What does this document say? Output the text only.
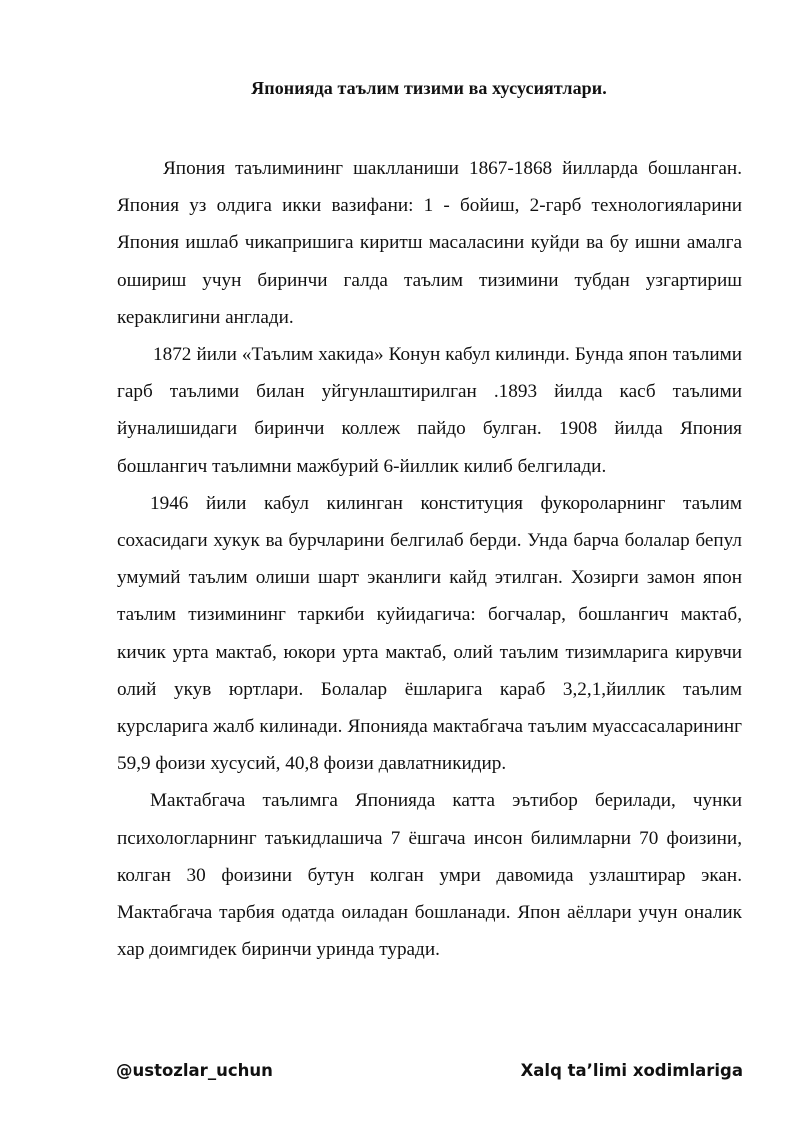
Японияда таълим тизими ва хусусиятлари.

Япония таълимининг шаклланиши 1867-1868 йилларда бошланган. Япония уз олдига икки вазифани: 1 - бойиш, 2-гарб технологияларини Япония ишлаб чикапришига киритш масаласини куйди ва бу ишни амалга ошириш учун биринчи галда таълим тизимини тубдан узгартириш кераклигини англади.

1872 йили «Таълим хакида» Конун кабул килинди. Бунда япон таълими гарб таълими билан уйгунлаштирилган .1893 йилда касб таълими йуналишидаги биринчи коллеж пайдо булган. 1908 йилда Япония бошлангич таълимни мажбурий 6-йиллик килиб белгилади.

1946 йили кабул килинган конституция фукороларнинг таълим сохасидаги хукук ва бурчларини белгилаб берди. Унда барча болалар бепул умумий таълим олиши шарт эканлиги кайд этилган. Хозирги замон япон таълим тизимининг таркиби куйидагича: богчалар, бошлангич мактаб, кичик урта мактаб, юкори урта мактаб, олий таълим тизимларига кирувчи олий укув юртлари. Болалар ёшларига караб 3,2,1,йиллик таълим курсларига жалб килинади. Японияда мактабгача таълим муассасаларининг 59,9 фоизи хусусий, 40,8 фоизи давлатникидир.

Мактабгача таълимга Японияда катта эътибор берилади, чунки психологларнинг таъкидлашича 7 ёшгача инсон билимларни 70 фоизини, колган 30 фоизини бутун колган умри давомида узлаштирар экан. Мактабгача тарбия одатда оиладан бошланади. Япон аёллари учун оналик хар доимгидек биринчи уринда туради.

@ustozlar_uchun	Xalq ta’limi xodimlariga
